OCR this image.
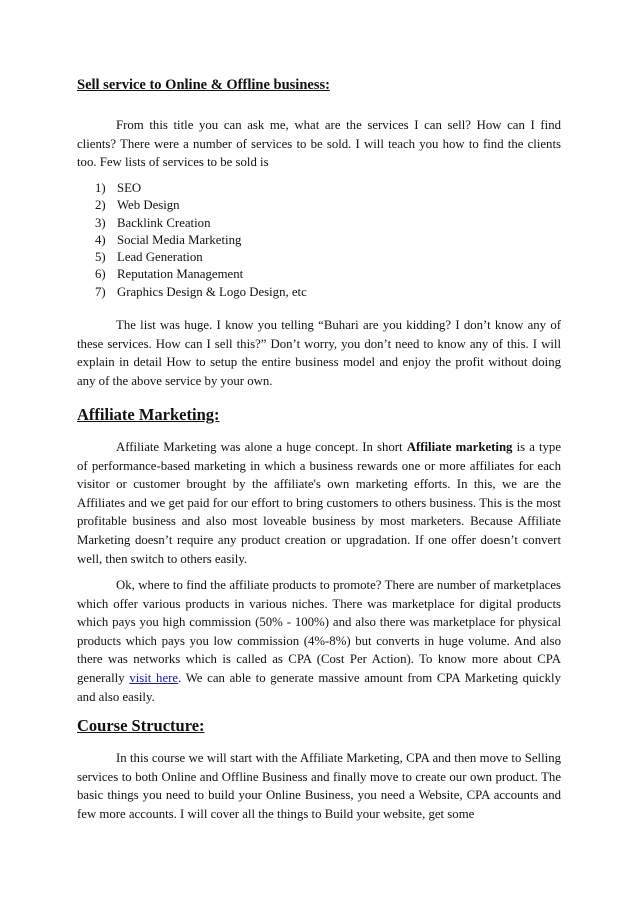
Sell service to Online & Offline business:

From this title you can ask me, what are the services I can sell? How can I find clients? There were a number of services to be sold. I will teach you how to find the clients too. Few lists of services to be sold is

1) SEO
2) Web Design
3) Backlink Creation
4) Social Media Marketing
5) Lead Generation
6) Reputation Management
7) Graphics Design & Logo Design, etc

The list was huge. I know you telling “Buhari are you kidding? I don’t know any of these services. How can I sell this?” Don’t worry, you don’t need to know any of this. I will explain in detail How to setup the entire business model and enjoy the profit without doing any of the above service by your own.

Affiliate Marketing:

Affiliate Marketing was alone a huge concept. In short Affiliate marketing is a type of performance-based marketing in which a business rewards one or more affiliates for each visitor or customer brought by the affiliate's own marketing efforts. In this, we are the Affiliates and we get paid for our effort to bring customers to others business. This is the most profitable business and also most loveable business by most marketers. Because Affiliate Marketing doesn’t require any product creation or upgradation. If one offer doesn’t convert well, then switch to others easily.

Ok, where to find the affiliate products to promote? There are number of marketplaces which offer various products in various niches. There was marketplace for digital products which pays you high commission (50% - 100%) and also there was marketplace for physical products which pays you low commission (4%-8%) but converts in huge volume. And also there was networks which is called as CPA (Cost Per Action). To know more about CPA generally visit here. We can able to generate massive amount from CPA Marketing quickly and also easily.

Course Structure:

In this course we will start with the Affiliate Marketing, CPA and then move to Selling services to both Online and Offline Business and finally move to create our own product. The basic things you need to build your Online Business, you need a Website, CPA accounts and few more accounts. I will cover all the things to Build your website, get some
